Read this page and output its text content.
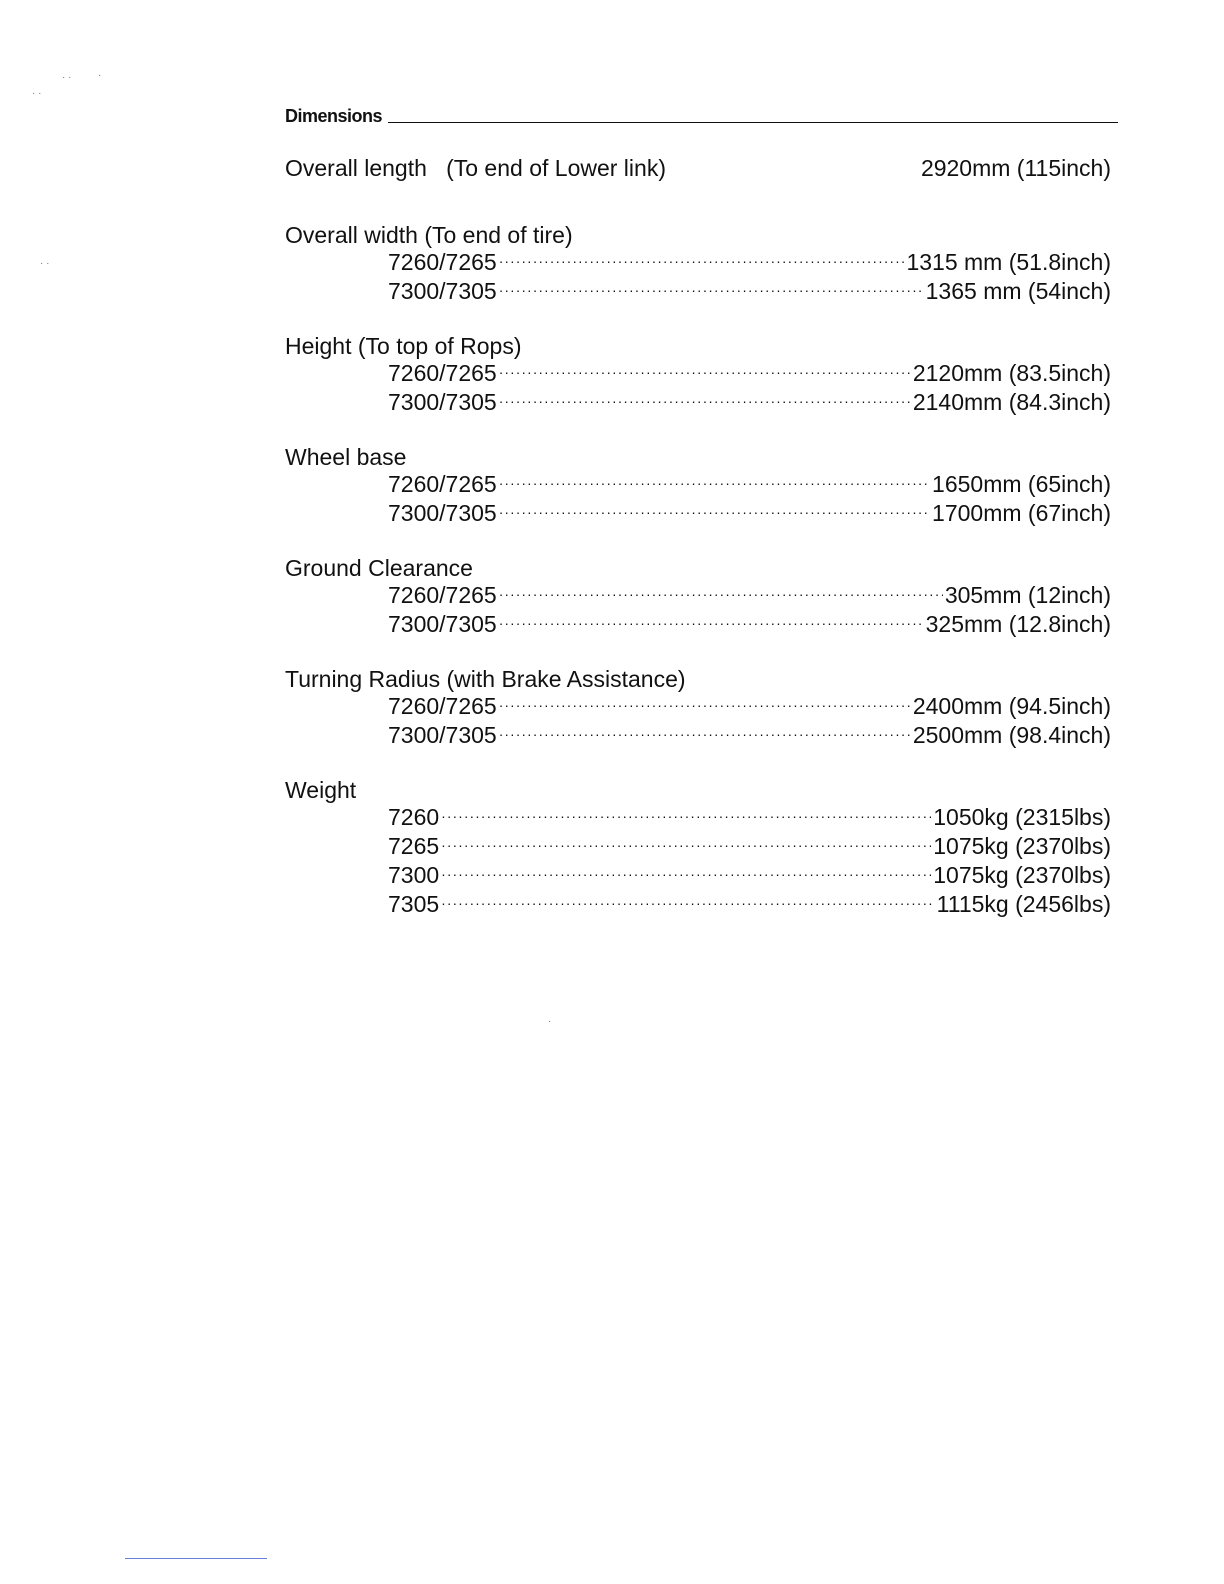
Dimensions
Overall length (To end of Lower link)	2920mm (115inch)
Overall width (To end of tire)
7260/7265 ·····	1315 mm (51.8inch)
7300/7305 ·····	1365 mm (54inch)
Height (To top of Rops)
7260/7265 ·····	2120mm (83.5inch)
7300/7305 ·····	2140mm (84.3inch)
Wheel base
7260/7265 ·····	1650mm (65inch)
7300/7305 ·····	1700mm (67inch)
Ground Clearance
7260/7265 ·····	305mm (12inch)
7300/7305 ·····	325mm (12.8inch)
Turning Radius (with Brake Assistance)
7260/7265 ·····	2400mm (94.5inch)
7300/7305 ·····	2500mm (98.4inch)
Weight
7260 ·····	1050kg (2315lbs)
7265 ·····	1075kg (2370lbs)
7300 ·····	1075kg (2370lbs)
7305 ·····	1115kg (2456lbs)
· ·
· ·	·
· ·
·
